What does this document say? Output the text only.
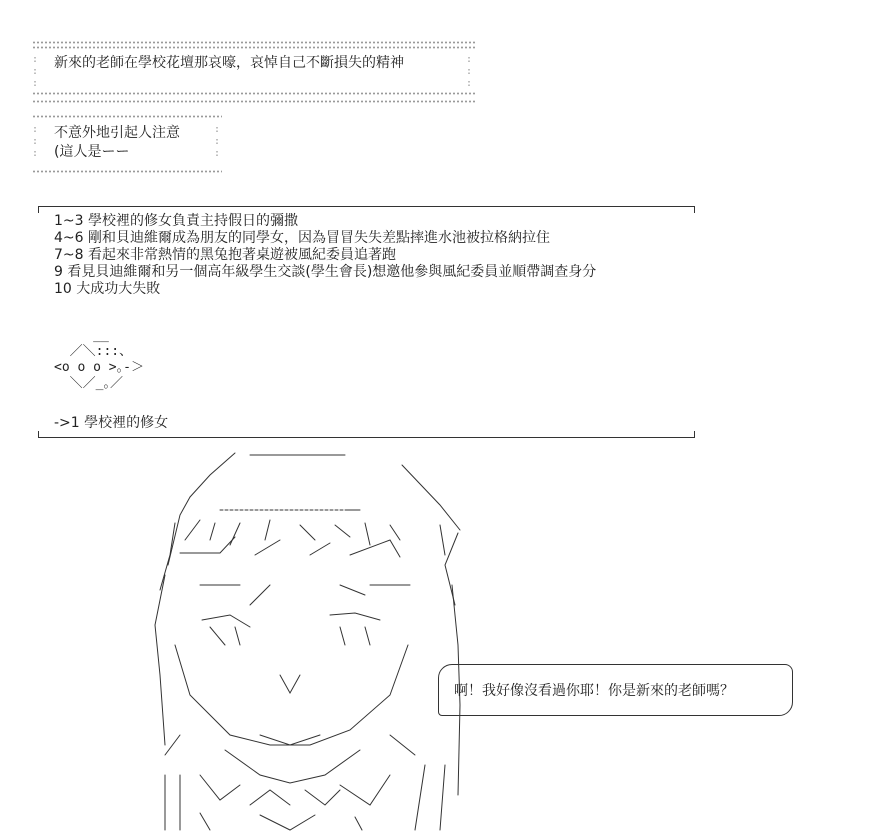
:
:
:
新來的老師在學校花壇那哀嚎，哀悼自己不斷損失的精神	:
:
:
:
:
:
不意外地引起人注意
(這人是ーー
:
:
:
1~3 學校裡的修女負責主持假日的彌撒
4~6 剛和貝迪維爾成為朋友的同學女，因為冒冒失失差點摔進水池被拉格納拉住
7~8 看起來非常熱情的黑兔抱著桌遊被風紀委員追著跑
9 看見貝迪維爾和另一個高年級學生交談(學生會長)想邀他參與風紀委員並順帶調查身分
10 大成功大失敗
__
／＼:::、
<o o o >｡-＞
＼／_｡／
->1 學校裡的修女
啊！我好像沒看過你耶！你是新來的老師嗎？
